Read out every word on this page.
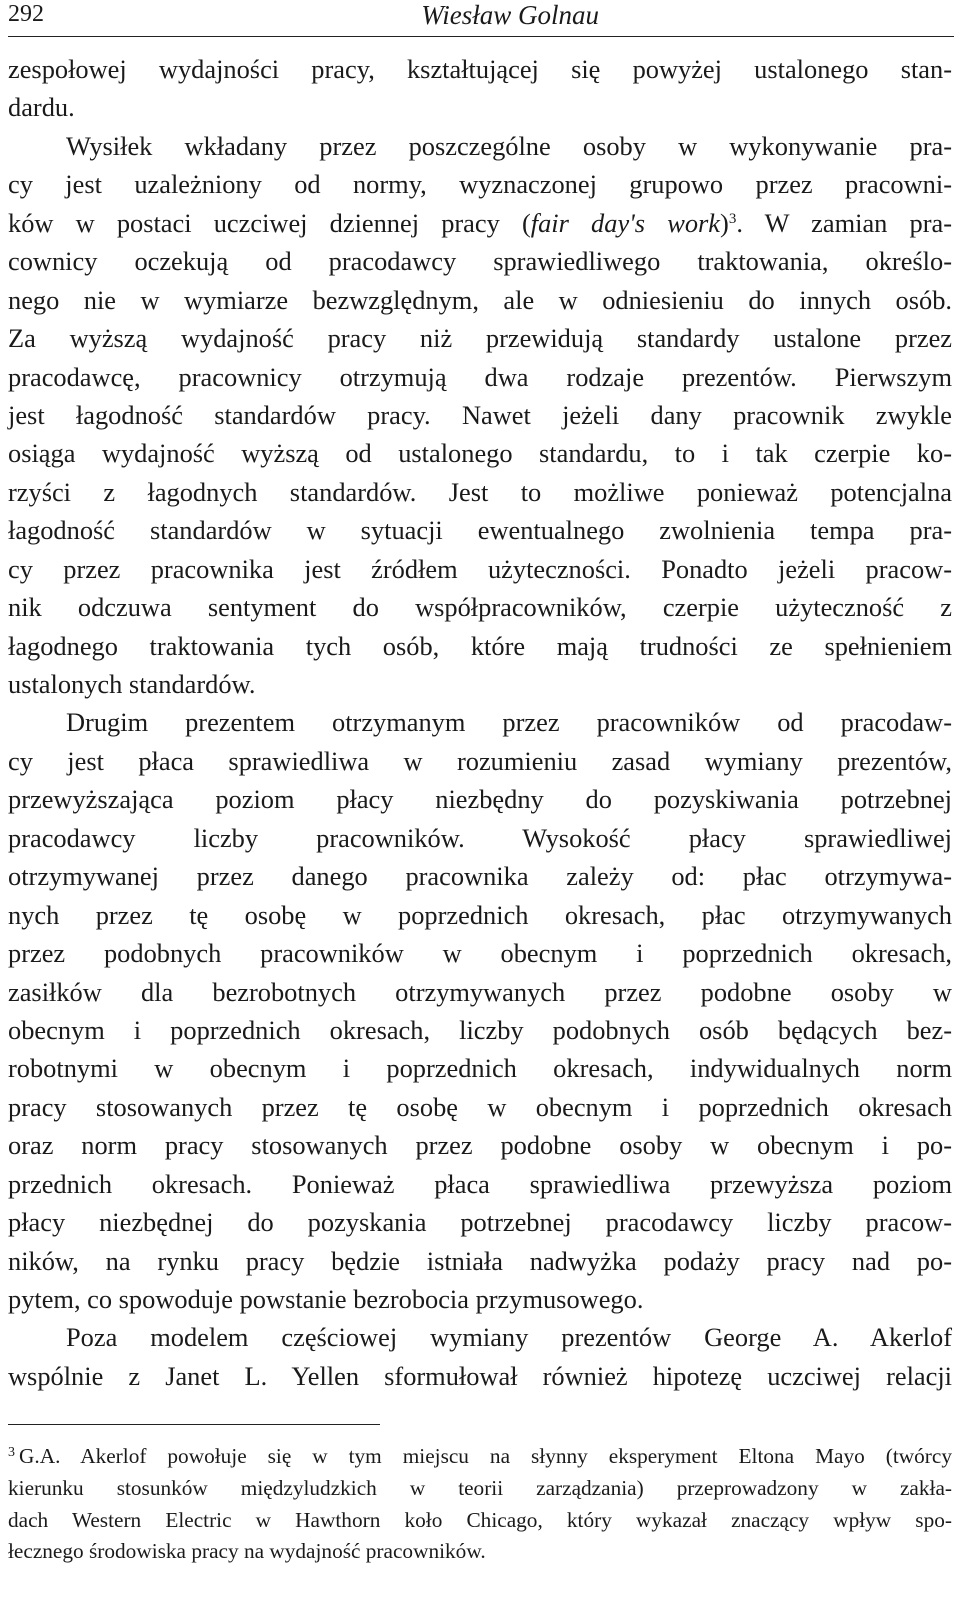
292	Wiesław Golnau
zespołowej wydajności pracy, kształtującej się powyżej ustalonego stan-
dardu.
Wysiłek wkładany przez poszczególne osoby w wykonywanie pra-
cy jest uzależniony od normy, wyznaczonej grupowo przez pracowni-
ków w postaci uczciwej dziennej pracy (fair day's work)$^3$. W zamian pra-
cownicy oczekują od pracodawcy sprawiedliwego traktowania, określo-
nego nie w wymiarze bezwzględnym, ale w odniesieniu do innych osób.
Za wyższą wydajność pracy niż przewidują standardy ustalone przez
pracodawcę, pracownicy otrzymują dwa rodzaje prezentów. Pierwszym
jest łagodność standardów pracy. Nawet jeżeli dany pracownik zwykle
osiąga wydajność wyższą od ustalonego standardu, to i tak czerpie ko-
rzyści z łagodnych standardów. Jest to możliwe ponieważ potencjalna
łagodność standardów w sytuacji ewentualnego zwolnienia tempa pra-
cy przez pracownika jest źródłem użyteczności. Ponadto jeżeli pracow-
nik odczuwa sentyment do współpracowników, czerpie użyteczność z
łagodnego traktowania tych osób, które mają trudności ze spełnieniem
ustalonych standardów.
Drugim prezentem otrzymanym przez pracowników od pracodaw-
cy jest płaca sprawiedliwa w rozumieniu zasad wymiany prezentów,
przewyższająca poziom płacy niezbędny do pozyskiwania potrzebnej
pracodawcy liczby pracowników. Wysokość płacy sprawiedliwej
otrzymywanej przez danego pracownika zależy od: płac otrzymywa-
nych przez tę osobę w poprzednich okresach, płac otrzymywanych
przez podobnych pracowników w obecnym i poprzednich okresach,
zasiłków dla bezrobotnych otrzymywanych przez podobne osoby w
obecnym i poprzednich okresach, liczby podobnych osób będących bez-
robotnymi w obecnym i poprzednich okresach, indywidualnych norm
pracy stosowanych przez tę osobę w obecnym i poprzednich okresach
oraz norm pracy stosowanych przez podobne osoby w obecnym i po-
przednich okresach. Ponieważ płaca sprawiedliwa przewyższa poziom
płacy niezbędnej do pozyskania potrzebnej pracodawcy liczby pracow-
ników, na rynku pracy będzie istniała nadwyżka podaży pracy nad po-
pytem, co spowoduje powstanie bezrobocia przymusowego.
Poza modelem częściowej wymiany prezentów George A. Akerlof
wspólnie z Janet L. Yellen sformułował również hipotezę uczciwej relacji
$^3$ G.A. Akerlof powołuje się w tym miejscu na słynny eksperyment Eltona Mayo (twórcy
kierunku stosunków międzyludzkich w teorii zarządzania) przeprowadzony w zakła-
dach Western Electric w Hawthorn koło Chicago, który wykazał znaczący wpływ spo-
łecznego środowiska pracy na wydajność pracowników.
